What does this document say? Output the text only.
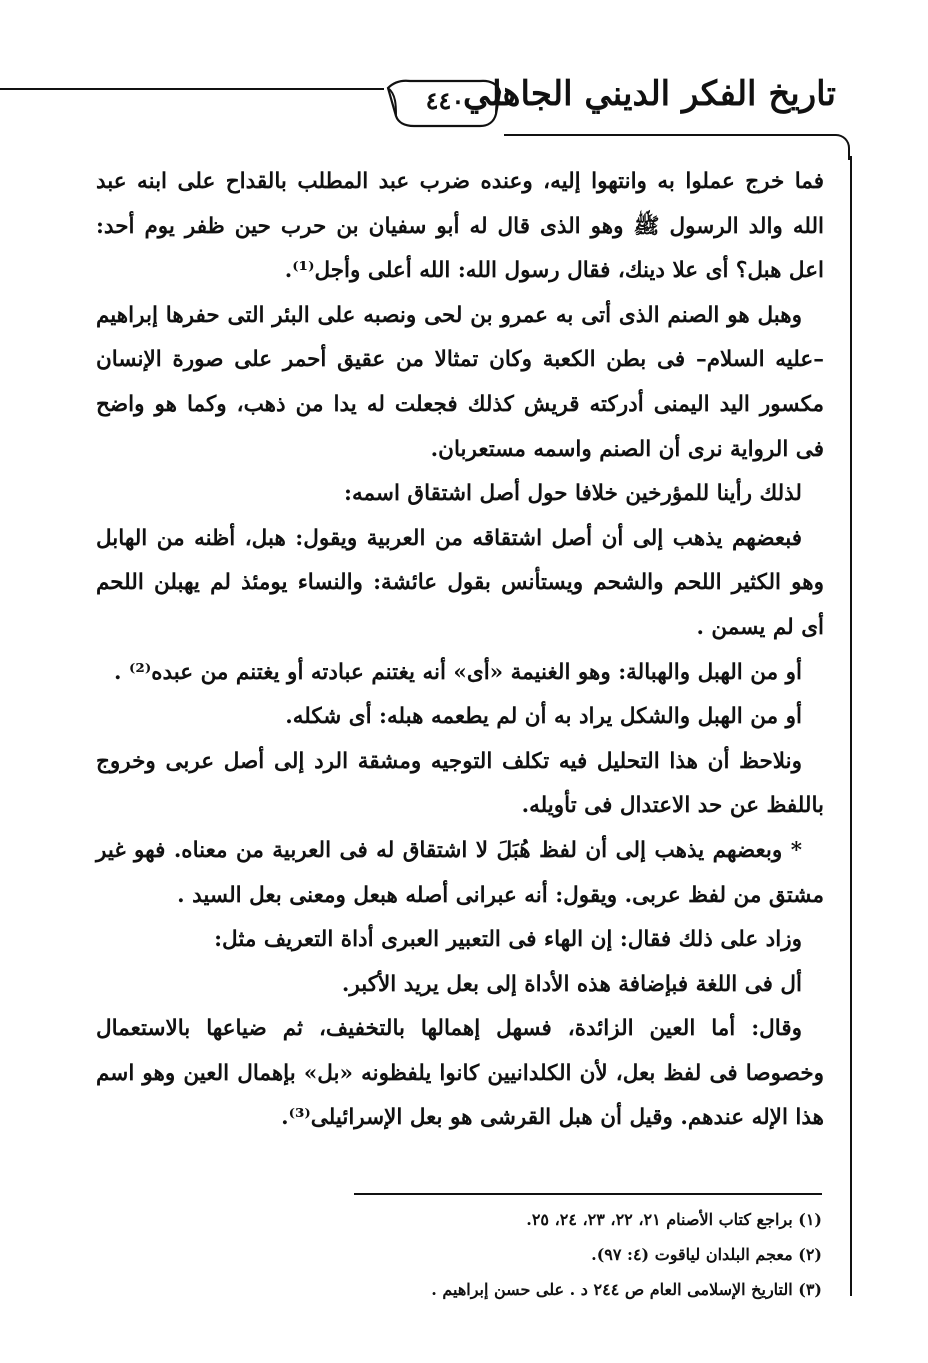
٤٤٠
تاريخ الفكر الديني الجاهلي

فما خرج عملوا به وانتهوا إليه، وعنده ضرب عبد المطلب بالقداح على ابنه عبد الله والد الرسول ﷺ وهو الذى قال له أبو سفيان بن حرب حين ظفر يوم أحد: اعل هبل؟ أى علا دينك، فقال رسول الله: الله أعلى وأجل⁽¹⁾.

وهبل هو الصنم الذى أتى به عمرو بن لحى ونصبه على البئر التى حفرها إبراهيم –عليه السلام– فى بطن الكعبة وكان تمثالا من عقيق أحمر على صورة الإنسان مكسور اليد اليمنى أدركته قريش كذلك فجعلت له يدا من ذهب، وكما هو واضح فى الرواية نرى أن الصنم واسمه مستعربان.

لذلك رأينا للمؤرخين خلافا حول أصل اشتقاق اسمه:

فبعضهم يذهب إلى أن أصل اشتقاقه من العربية ويقول: هبل، أظنه من الهابل وهو الكثير اللحم والشحم ويستأنس بقول عائشة: والنساء يومئذ لم يهبلن اللحم أى لم يسمن .

أو من الهبل والهبالة: وهو الغنيمة «أى» أنه يغتنم عبادته أو يغتنم من عبده⁽²⁾ .

أو من الهبل والشكل يراد به أن لم يطعمه هبله: أى شكله.

ونلاحظ أن هذا التحليل فيه تكلف التوجيه ومشقة الرد إلى أصل عربى وخروج باللفظ عن حد الاعتدال فى تأويله.

* وبعضهم يذهب إلى أن لفظ هُبَلَ لا اشتقاق له فى العربية من معناه. فهو غير مشتق من لفظ عربى. ويقول: أنه عبرانى أصله هبعل ومعنى بعل السيد .

وزاد على ذلك فقال: إن الهاء فى التعبير العبرى أداة التعريف مثل:

أل فى اللغة فبإضافة هذه الأداة إلى بعل يريد الأكبر.

وقال: أما العين الزائدة، فسهل إهمالها بالتخفيف، ثم ضياعها بالاستعمال وخصوصا فى لفظ بعل، لأن الكلدانيين كانوا يلفظونه «بل» بإهمال العين وهو اسم هذا الإله عندهم. وقيل أن هبل القرشى هو بعل الإسرائيلى⁽³⁾.

(١) براجع كتاب الأصنام ٢١، ٢٢، ٢٣، ٢٤، ٢٥.

(٢) معجم البلدان لياقوت (٤: ٩٧).

(٣) التاريخ الإسلامى العام ص ٢٤٤ د . على حسن إبراهيم .
